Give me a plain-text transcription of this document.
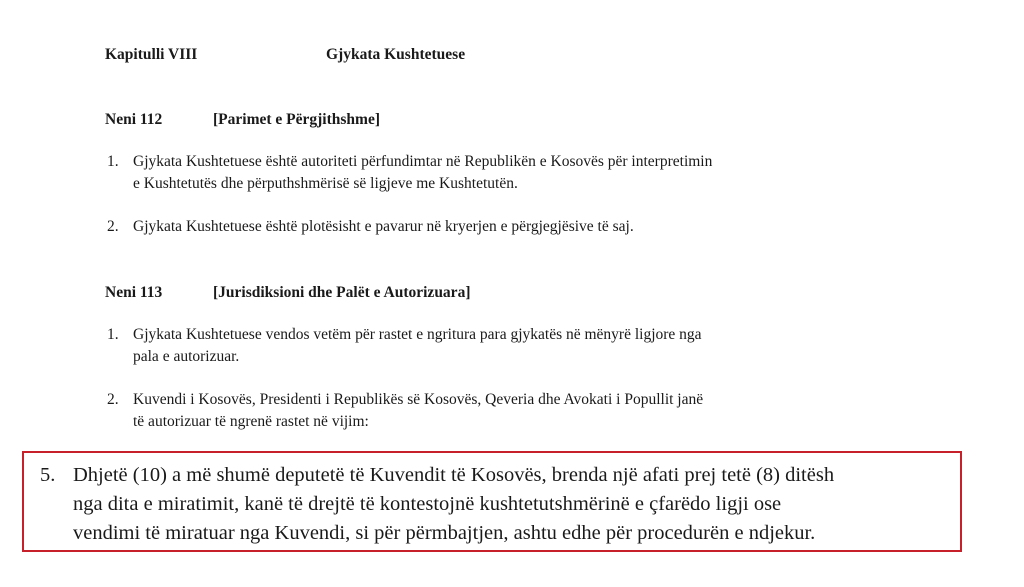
Kapitulli VIII	Gjykata Kushtetuese
Neni 112	[Parimet e Përgjithshme]
1. Gjykata Kushtetuese është autoriteti përfundimtar në Republikën e Kosovës për interpretimin
e Kushtetutës dhe përputhshmërisë së ligjeve me Kushtetutën.
2. Gjykata Kushtetuese është plotësisht e pavarur në kryerjen e përgjegjësive të saj.
Neni 113	[Jurisdiksioni dhe Palët e Autorizuara]
1. Gjykata Kushtetuese vendos vetëm për rastet e ngritura para gjykatës në mënyrë ligjore nga
pala e autorizuar.
2. Kuvendi i Kosovës, Presidenti i Republikës së Kosovës, Qeveria dhe Avokati i Popullit janë
të autorizuar të ngrenë rastet në vijim:
5. Dhjetë (10) a më shumë deputetë të Kuvendit të Kosovës, brenda një afati prej tetë (8) ditësh
nga dita e miratimit, kanë të drejtë të kontestojnë kushtetutshmërinë e çfarëdo ligji ose
vendimi të miratuar nga Kuvendi, si për përmbajtjen, ashtu edhe për procedurën e ndjekur.
